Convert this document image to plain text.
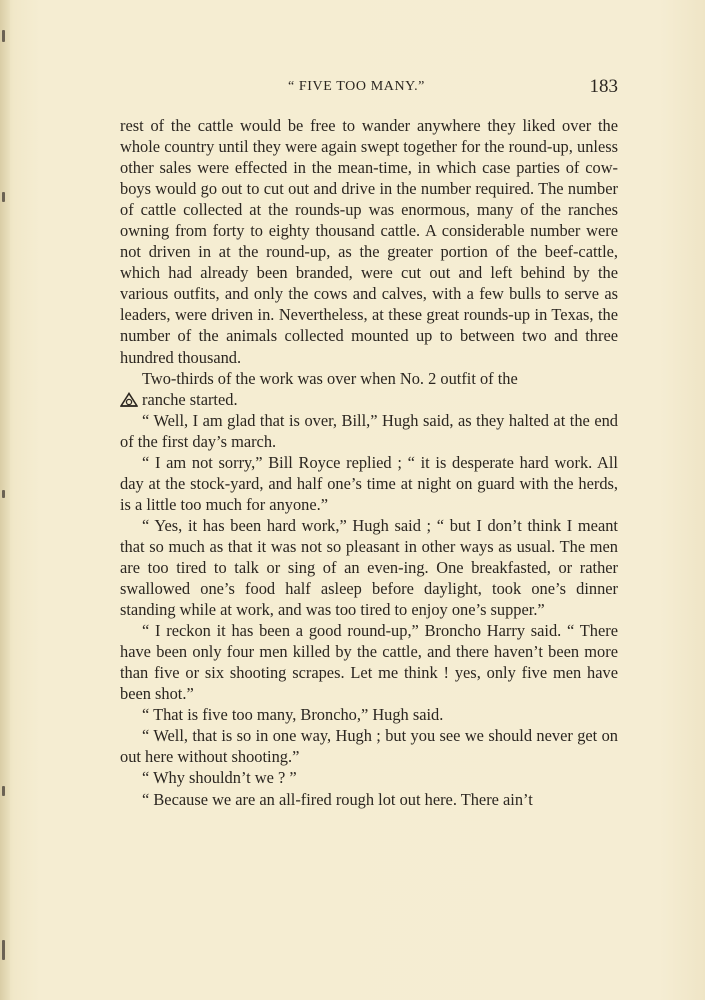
“ FIVE TOO MANY.”	183

rest of the cattle would be free to wander anywhere they liked over the whole country until they were again swept together for the round-up, unless other sales were effected in the mean-time, in which case parties of cow-boys would go out to cut out and drive in the number required. The number of cattle collected at the rounds-up was enormous, many of the ranches owning from forty to eighty thousand cattle. A considerable number were not driven in at the round-up, as the greater portion of the beef-cattle, which had already been branded, were cut out and left behind by the various outfits, and only the cows and calves, with a few bulls to serve as leaders, were driven in. Nevertheless, at these great rounds-up in Texas, the number of the animals collected mounted up to between two and three hundred thousand.

Two-thirds of the work was over when No. 2 outfit of the
ranche started.

“ Well, I am glad that is over, Bill,” Hugh said, as they halted at the end of the first day’s march.

“ I am not sorry,” Bill Royce replied ; “ it is desperate hard work. All day at the stock-yard, and half one’s time at night on guard with the herds, is a little too much for anyone.”

“ Yes, it has been hard work,” Hugh said ; “ but I don’t think I meant that so much as that it was not so pleasant in other ways as usual. The men are too tired to talk or sing of an even-ing. One breakfasted, or rather swallowed one’s food half asleep before daylight, took one’s dinner standing while at work, and was too tired to enjoy one’s supper.”

“ I reckon it has been a good round-up,” Broncho Harry said. “ There have been only four men killed by the cattle, and there haven’t been more than five or six shooting scrapes. Let me think ! yes, only five men have been shot.”

“ That is five too many, Broncho,” Hugh said.

“ Well, that is so in one way, Hugh ; but you see we should never get on out here without shooting.”

“ Why shouldn’t we ? ”

“ Because we are an all-fired rough lot out here. There ain’t
